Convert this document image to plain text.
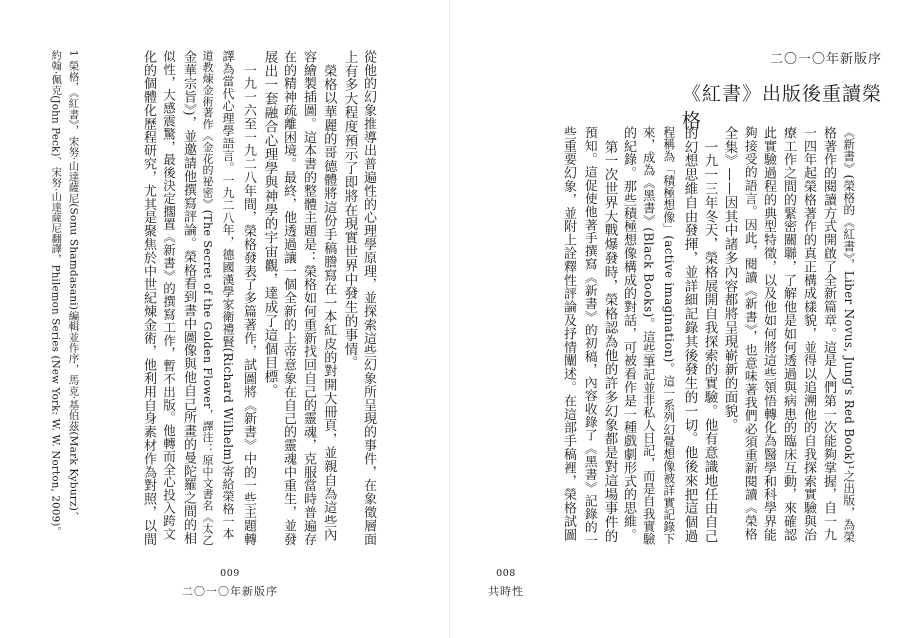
二〇一〇年新版序
《紅書》出版後重讀榮格
《新書》(榮格的《紅書》，Liber Novus, Jung's Red Book)¹之出版，為榮
格著作的閱讀方式開啟了全新篇章。這是人們第一次能夠掌握，自一九
一四年起榮格著作的真正構成樣貌，並得以追溯他的自我探索實驗與治
療工作之間的緊密關聯，了解他是如何透過與病患的臨床互動，來確認
此實驗過程的典型特徵，以及他如何將這些領悟轉化為醫學和科學界能
夠接受的語言。因此，閱讀《新書》，也意味著我們必須重新閱讀《榮格
全集》——因其中諸多內容都將呈現嶄新的面貌。
　一九一三年冬天，榮格展開自我探索的實驗。他有意識地任由自己
的幻想思維自由發揮，並詳細記錄其後發生的一切。他後來把這個過
程稱為「積極想像」(active imagination)。這一系列幻覺想像被詳實記錄下
來，成為《黑書》(Black Books)。這些筆記並非私人日記，而是自我實驗
的紀錄。那些積極想像構成的對話，可被看作是一種戲劇形式的思維。
　第一次世界大戰爆發時，榮格認為他的許多幻象都是對這場事件的
預知。這促使他著手撰寫《新書》的初稿，內容收錄了《黑書》記錄的一
些重要幻象，並附上詮釋性評論及抒情闡述。在這部手稿裡，榮格試圖
008
共時性
從他的幻象推導出普遍性的心理學原理，並探索這些幻象所呈現的事件，在象徵層面
上有多大程度預示了即將在現實世界中發生的事情。
　榮格以華麗的哥德體將這份手稿謄寫在一本紅皮的對開大冊頁，並親自為這些內
容繪製插圖。這本書的整體主題是：榮格如何重新找回自己的靈魂，克服當時普遍存
在的精神疏離困境。最終，他透過讓一個全新的上帝意象在自己的靈魂中重生，並發
展出一套融合心理學與神學的宇宙觀，達成了這個目標。
　一九一六至一九二八年間，榮格發表了多篇著作，試圖將《新書》中的一些主題轉
譯為當代心理學語言。一九二八年，德國漢學家衛禮賢(Richard Wilhelm)寄給榮格一本
道教煉金術著作《金花的祕密》(The Secret of the Golden Flower，譯注：原中文書名《太乙
金華宗旨》)，並邀請他撰寫評論。榮格看到書中圖像與他自己所畫的曼陀羅之間的相
似性，大感震驚，最後決定擱置《新書》的撰寫工作，暫不出版。他轉而全心投入跨文
化的個體化歷程研究，尤其是聚焦於中世紀煉金術，他利用自身素材作為對照，以間
1 榮格，《紅書》，宋努·山達薩尼(Sonu Shamdasani)編輯並作序，馬克·基伯茲(Mark Kyburz)、
約翰·佩克(John Peck)、宋努·山達薩尼翻譯，Philemon Series (New York: W. W. Norton, 2009)。
009
二〇一〇年新版序
